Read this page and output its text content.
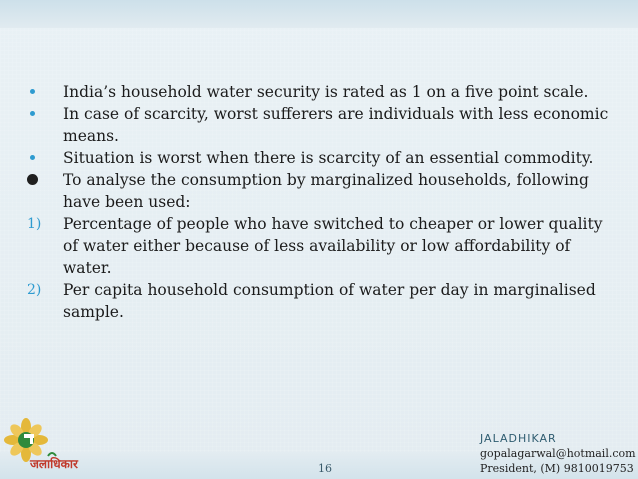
India’s household water security is rated as 1 on a five point scale.
In case of scarcity, worst sufferers are individuals with less economic means.
Situation is worst when there is scarcity of an essential commodity.
To analyse the consumption by marginalized households, following have been used:
1) Percentage of people who have switched to cheaper or lower quality of water either because of less availability or low affordability of water.
2) Per capita household consumption of water per day in marginalised sample.
जलाधिकार	16
JALADHIKAR
gopalagarwal@hotmail.com
President, (M) 9810019753
